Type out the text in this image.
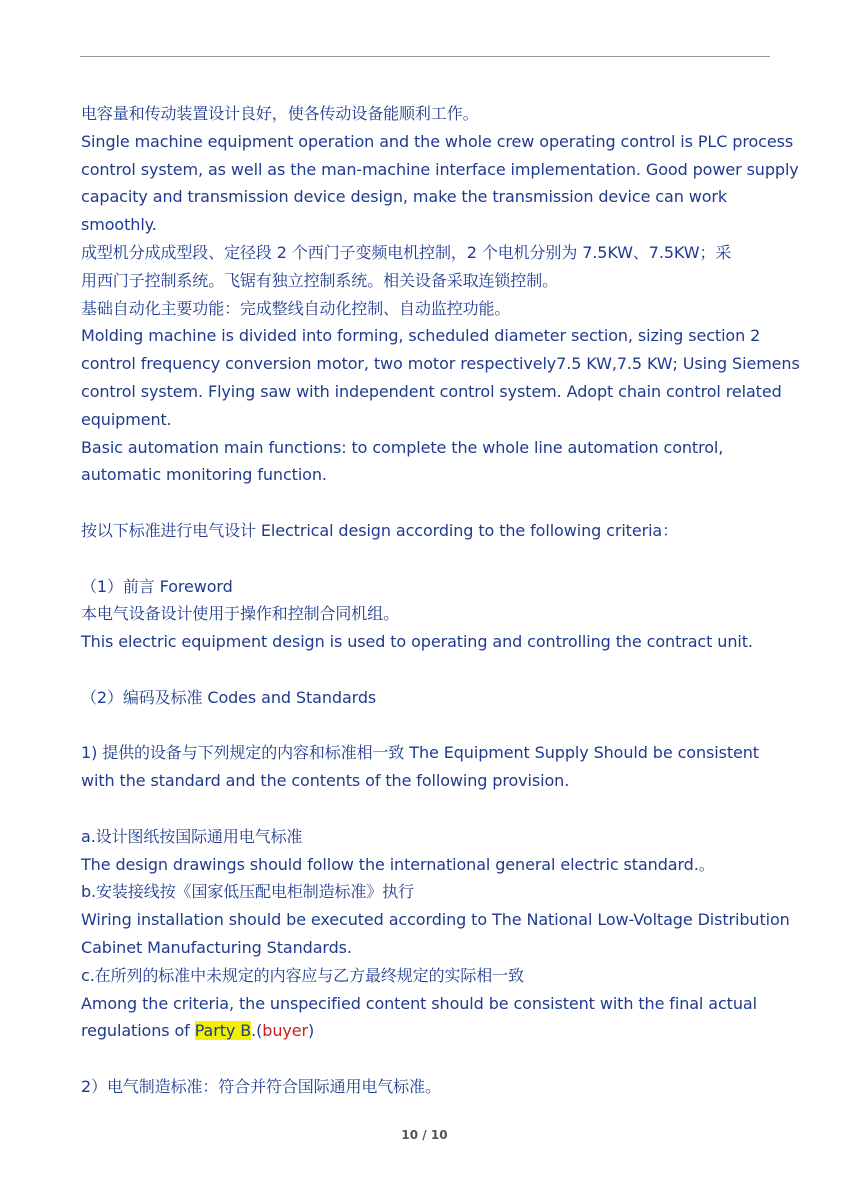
电容量和传动装置设计良好，使各传动设备能顺利工作。

Single machine equipment operation and the whole crew operating control is PLC process

control system, as well as the man-machine interface implementation. Good power supply

capacity and transmission device design, make the transmission device can work

smoothly.

成型机分成成型段、定径段 2 个西门子变频电机控制，2 个电机分别为 7.5KW、7.5KW；采

用西门子控制系统。飞锯有独立控制系统。相关设备采取连锁控制。

基础自动化主要功能：完成整线自动化控制、自动监控功能。

Molding machine is divided into forming, scheduled diameter section, sizing section 2

control frequency conversion motor, two motor respectively7.5 KW,7.5 KW; Using Siemens

control system. Flying saw with independent control system. Adopt chain control related

equipment.

Basic automation main functions: to complete the whole line automation control,

automatic monitoring function.

按以下标准进行电气设计 Electrical design according to the following criteria：

（1）前言 Foreword

本电气设备设计使用于操作和控制合同机组。

This electric equipment design is used to operating and controlling the contract unit.

（2）编码及标准 Codes and Standards

1) 提供的设备与下列规定的内容和标准相一致 The Equipment Supply Should be consistent

with the standard and the contents of the following provision.

a.设计图纸按国际通用电气标准

The design drawings should follow the international general electric standard.。

b.安装接线按《国家低压配电柜制造标准》执行

Wiring installation should be executed according to The National Low-Voltage Distribution

Cabinet Manufacturing Standards.

c.在所列的标准中未规定的内容应与乙方最终规定的实际相一致

Among the criteria, the unspecified content should be consistent with the final actual

regulations of Party B.(buyer)

2）电气制造标准：符合并符合国际通用电气标准。

10 / 10
